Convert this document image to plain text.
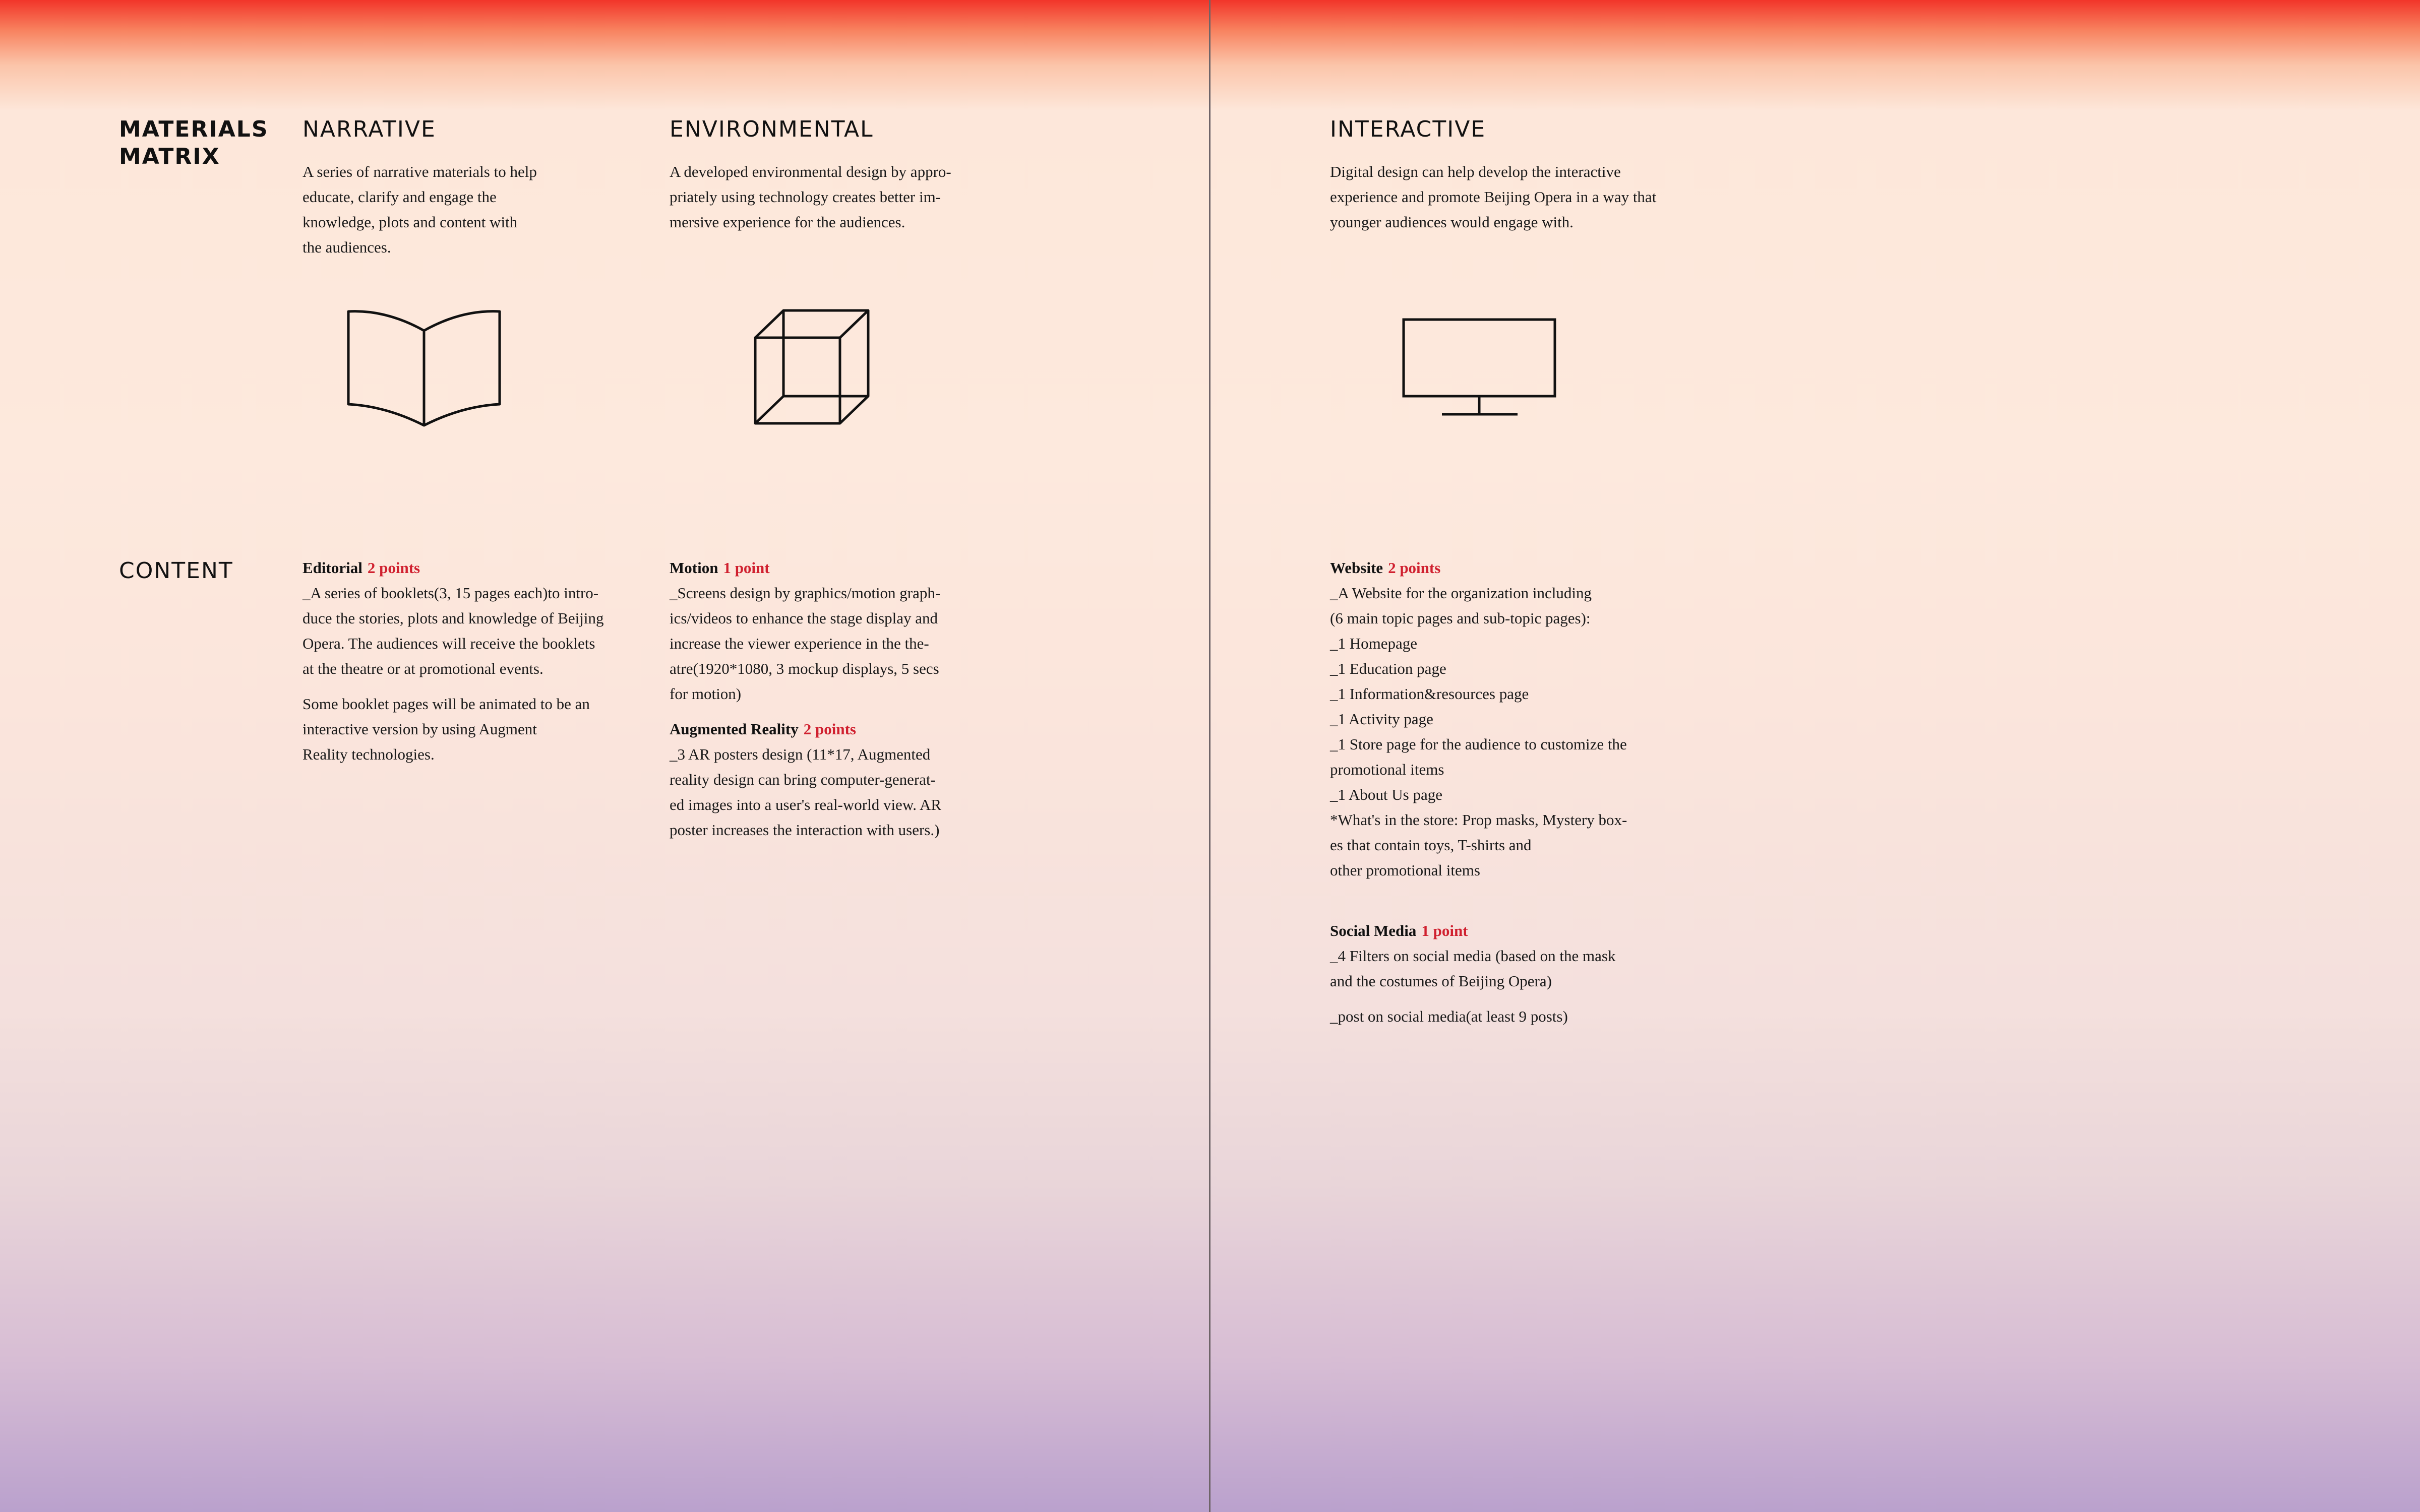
MATERIALS
MATRIX
CONTENT
NARRATIVE

A series of narrative materials to help

educate, clarify and engage the

knowledge, plots and content with

the audiences.

ENVIRONMENTAL

A developed environmental design by appro-

priately using technology creates better im-

mersive experience for the audiences.

INTERACTIVE

Digital design can help develop the interactive

experience and promote Beijing Opera in a way that

younger audiences would engage with.

Editorial 2 points

_A series of booklets(3, 15 pages each)to intro-

duce the stories, plots and knowledge of Beijing

Opera. The audiences will receive the booklets

at the theatre or at promotional events.

Some booklet pages will be animated to be an

interactive version by using Augment

Reality technologies.

Motion 1 point

_Screens design by graphics/motion graph-

ics/videos to enhance the stage display and

increase the viewer experience in the the-

atre(1920*1080, 3 mockup displays, 5 secs

for motion)

Augmented Reality 2 points

_3 AR posters design (11*17, Augmented

reality design can bring computer-generat-

ed images into a user's real-world view. AR

poster increases the interaction with users.)

Website 2 points

_A Website for the organization including

(6 main topic pages and sub-topic pages):

_1 Homepage

_1 Education page

_1 Information&resources page

_1 Activity page

_1 Store page for the audience to customize the

promotional items

_1 About Us page

*What's in the store: Prop masks, Mystery box-

es that contain toys, T-shirts and

other promotional items

Social Media 1 point

_4 Filters on social media (based on the mask

and the costumes of Beijing Opera)

_post on social media(at least 9 posts)
